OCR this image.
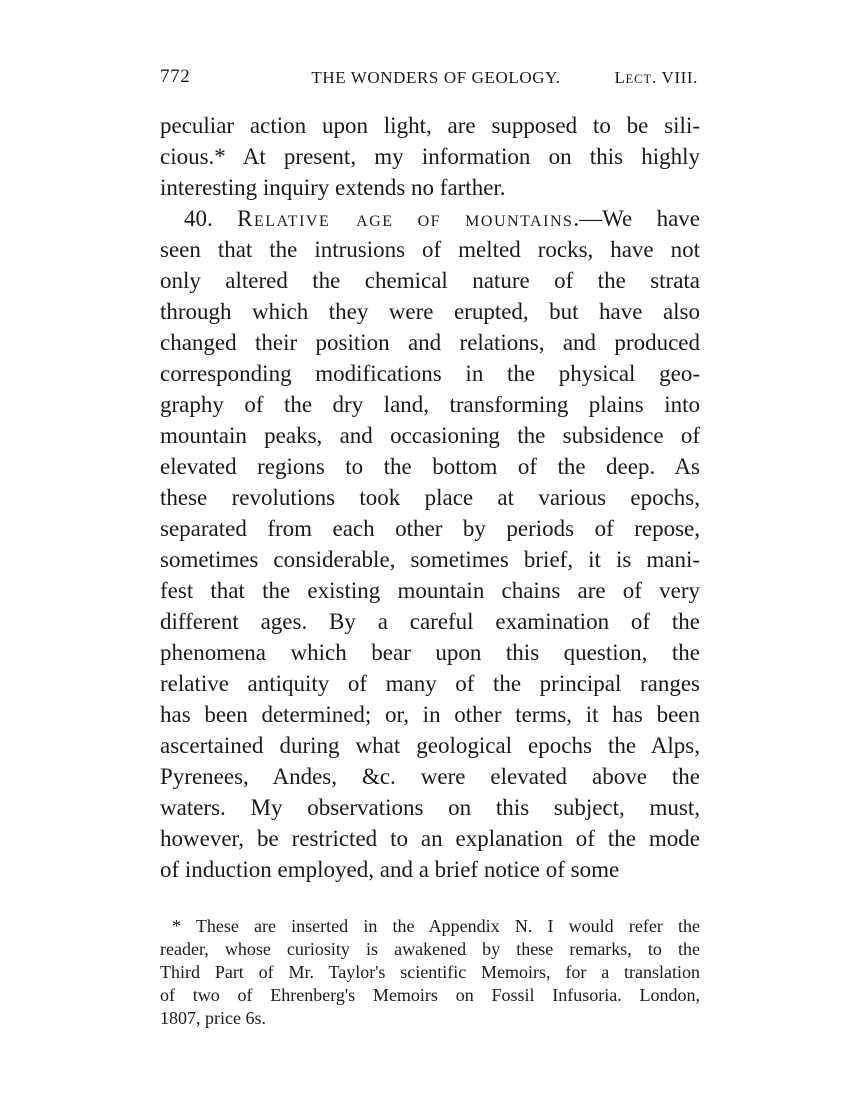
772	THE WONDERS OF GEOLOGY.	LECT. VIII.
peculiar action upon light, are supposed to be sili-
cious.* At present, my information on this highly
interesting inquiry extends no farther.
40. RELATIVE AGE OF MOUNTAINS.—We have
seen that the intrusions of melted rocks, have not
only altered the chemical nature of the strata
through which they were erupted, but have also
changed their position and relations, and produced
corresponding modifications in the physical geo-
graphy of the dry land, transforming plains into
mountain peaks, and occasioning the subsidence of
elevated regions to the bottom of the deep. As
these revolutions took place at various epochs,
separated from each other by periods of repose,
sometimes considerable, sometimes brief, it is mani-
fest that the existing mountain chains are of very
different ages. By a careful examination of the
phenomena which bear upon this question, the
relative antiquity of many of the principal ranges
has been determined; or, in other terms, it has been
ascertained during what geological epochs the Alps,
Pyrenees, Andes, &c. were elevated above the
waters. My observations on this subject, must,
however, be restricted to an explanation of the mode
of induction employed, and a brief notice of some
* These are inserted in the Appendix N. I would refer the
reader, whose curiosity is awakened by these remarks, to the
Third Part of Mr. Taylor's scientific Memoirs, for a translation
of two of Ehrenberg's Memoirs on Fossil Infusoria. London,
1807, price 6s.
